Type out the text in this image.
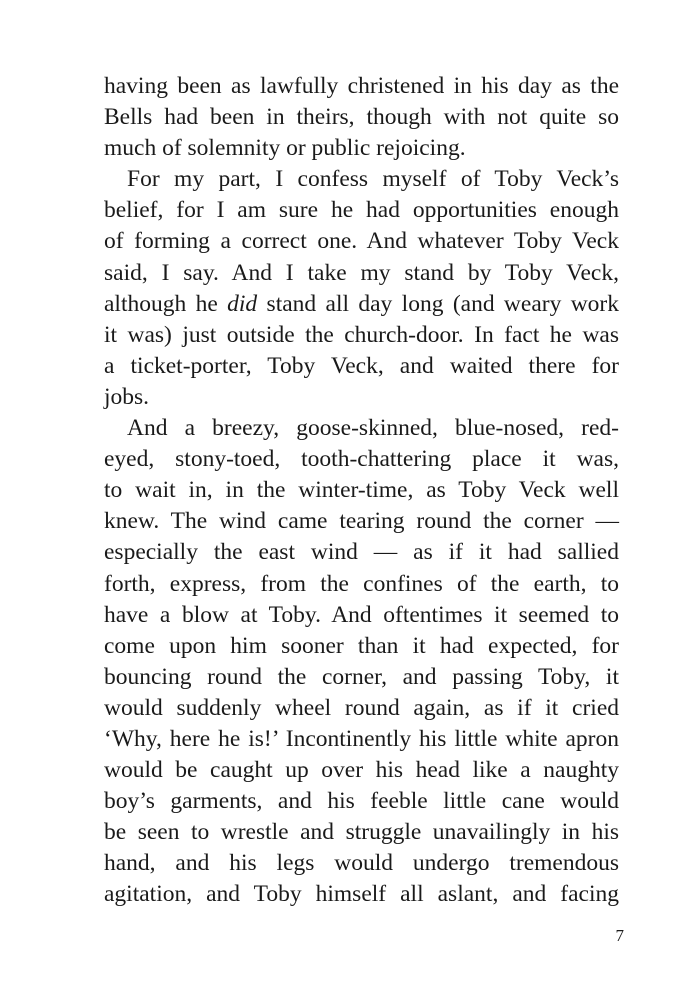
having been as lawfully christened in his day as the
Bells had been in theirs, though with not quite so
much of solemnity or public rejoicing.
For my part, I confess myself of Toby Veck’s
belief, for I am sure he had opportunities enough
of forming a correct one. And whatever Toby Veck
said, I say. And I take my stand by Toby Veck,
although he did stand all day long (and weary work
it was) just outside the church-door. In fact he was
a ticket-porter, Toby Veck, and waited there for
jobs.
And a breezy, goose-skinned, blue-nosed, red-
eyed, stony-toed, tooth-chattering place it was,
to wait in, in the winter-time, as Toby Veck well
knew. The wind came tearing round the corner —
especially the east wind — as if it had sallied
forth, express, from the confines of the earth, to
have a blow at Toby. And oftentimes it seemed to
come upon him sooner than it had expected, for
bouncing round the corner, and passing Toby, it
would suddenly wheel round again, as if it cried
‘Why, here he is!’ Incontinently his little white apron
would be caught up over his head like a naughty
boy’s garments, and his feeble little cane would
be seen to wrestle and struggle unavailingly in his
hand, and his legs would undergo tremendous
agitation, and Toby himself all aslant, and facing
7
